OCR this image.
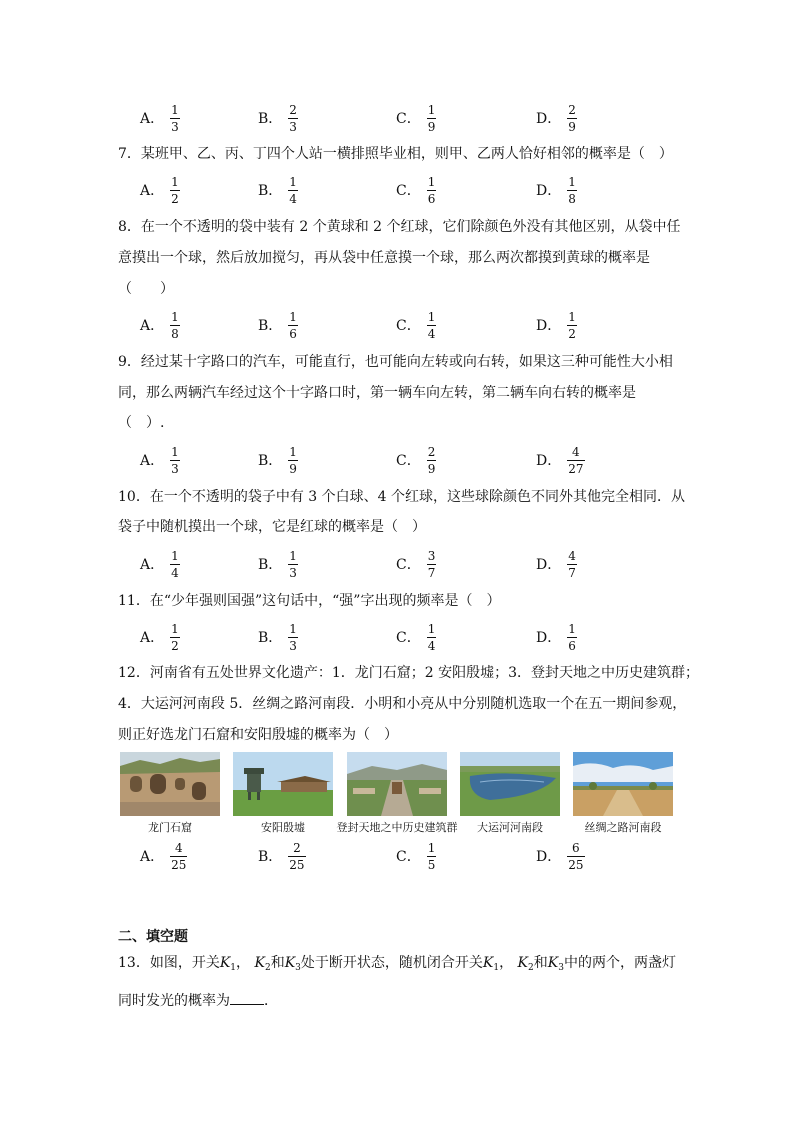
A． $\frac{1}{3}$	B． $\frac{2}{3}$	C． $\frac{1}{9}$	D． $\frac{2}{9}$
7．某班甲、乙、丙、丁四个人站一横排照毕业相，则甲、乙两人恰好相邻的概率是（　）
A． $\frac{1}{2}$	B． $\frac{1}{4}$	C． $\frac{1}{6}$	D． $\frac{1}{8}$
8．在一个不透明的袋中装有 2 个黄球和 2 个红球，它们除颜色外没有其他区别，从袋中任
意摸出一个球，然后放加搅匀，再从袋中任意摸一个球，那么两次都摸到黄球的概率是
（　　）
A． $\frac{1}{8}$	B． $\frac{1}{6}$	C． $\frac{1}{4}$	D． $\frac{1}{2}$
9．经过某十字路口的汽车，可能直行，也可能向左转或向右转，如果这三种可能性大小相
同，那么两辆汽车经过这个十字路口时，第一辆车向左转，第二辆车向右转的概率是
（　）.
A． $\frac{1}{3}$	B． $\frac{1}{9}$	C． $\frac{2}{9}$	D． $\frac{4}{27}$
10．在一个不透明的袋子中有 3 个白球、4 个红球，这些球除颜色不同外其他完全相同．从
袋子中随机摸出一个球，它是红球的概率是（　）
A． $\frac{1}{4}$	B． $\frac{1}{3}$	C． $\frac{3}{7}$	D． $\frac{4}{7}$
11．在“少年强则国强”这句话中，“强”字出现的频率是（　）
A． $\frac{1}{2}$	B． $\frac{1}{3}$	C． $\frac{1}{4}$	D． $\frac{1}{6}$
12．河南省有五处世界文化遗产：1．龙门石窟；2 安阳殷墟；3．登封天地之中历史建筑群；
4．大运河河南段 5．丝绸之路河南段．小明和小亮从中分别随机选取一个在五一期间参观，
则正好选龙门石窟和安阳殷墟的概率为（　）
龙门石窟	安阳殷墟	登封天地之中历史建筑群	大运河河南段	丝绸之路河南段
A． $\frac{4}{25}$	B． $\frac{2}{25}$	C． $\frac{1}{5}$	D． $\frac{6}{25}$
二、填空题
13．如图，开关$K_1$， $K_2$和$K_3$处于断开状态，随机闭合开关$K_1$， $K_2$和$K_3$中的两个，两盏灯
同时发光的概率为 ．
